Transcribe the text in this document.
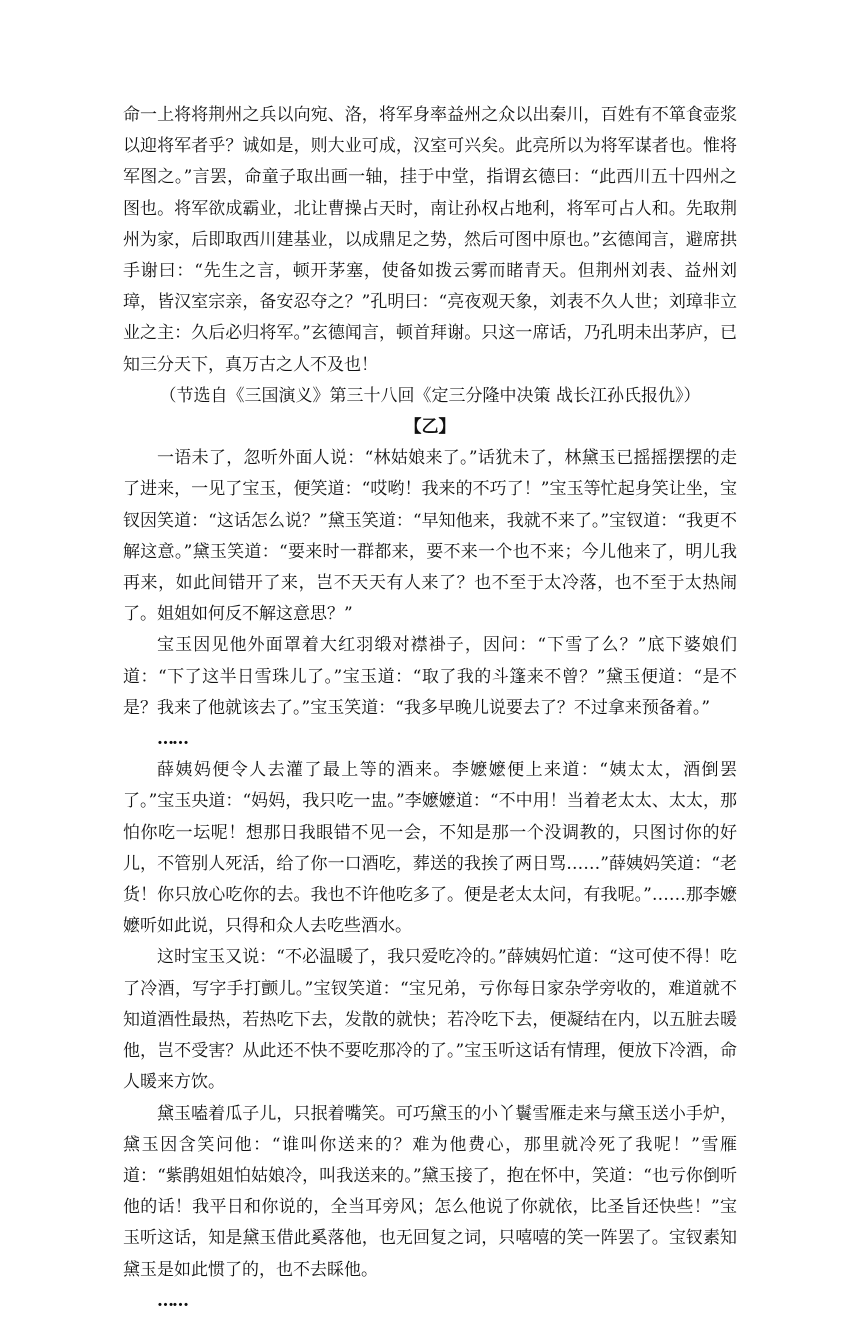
命一上将将荆州之兵以向宛、洛，将军身率益州之众以出秦川，百姓有不箪食壶浆以迎将军者乎？诚如是，则大业可成，汉室可兴矣。此亮所以为将军谋者也。惟将军图之。”言罢，命童子取出画一轴，挂于中堂，指谓玄德曰：“此西川五十四州之图也。将军欲成霸业，北让曹操占天时，南让孙权占地利，将军可占人和。先取荆州为家，后即取西川建基业，以成鼎足之势，然后可图中原也。”玄德闻言，避席拱手谢曰：“先生之言，顿开茅塞，使备如拨云雾而睹青天。但荆州刘表、益州刘璋，皆汉室宗亲，备安忍夺之？”孔明曰：“亮夜观天象，刘表不久人世；刘璋非立业之主：久后必归将军。”玄德闻言，顿首拜谢。只这一席话，乃孔明未出茅庐，已知三分天下，真万古之人不及也！

（节选自《三国演义》第三十八回《定三分隆中决策 战长江孙氏报仇》）

【乙】

一语未了，忽听外面人说：“林姑娘来了。”话犹未了，林黛玉已摇摇摆摆的走了进来，一见了宝玉，便笑道：“哎哟！我来的不巧了！”宝玉等忙起身笑让坐，宝钗因笑道：“这话怎么说？”黛玉笑道：“早知他来，我就不来了。”宝钗道：“我更不解这意。”黛玉笑道：“要来时一群都来，要不来一个也不来；今儿他来了，明儿我再来，如此间错开了来，岂不天天有人来了？也不至于太冷落，也不至于太热闹了。姐姐如何反不解这意思？”

宝玉因见他外面罩着大红羽缎对襟褂子，因问：“下雪了么？”底下婆娘们道：“下了这半日雪珠儿了。”宝玉道：“取了我的斗篷来不曾？”黛玉便道：“是不是？我来了他就该去了。”宝玉笑道：“我多早晚儿说要去了？不过拿来预备着。”

……

薛姨妈便令人去灌了最上等的酒来。李嬷嬷便上来道：“姨太太，酒倒罢了。”宝玉央道：“妈妈，我只吃一盅。”李嬷嬷道：“不中用！当着老太太、太太，那怕你吃一坛呢！想那日我眼错不见一会，不知是那一个没调教的，只图讨你的好儿，不管别人死活，给了你一口酒吃，葬送的我挨了两日骂……”薛姨妈笑道：“老货！你只放心吃你的去。我也不许他吃多了。便是老太太问，有我呢。”……那李嬷嬷听如此说，只得和众人去吃些酒水。

这时宝玉又说：“不必温暖了，我只爱吃冷的。”薛姨妈忙道：“这可使不得！吃了冷酒，写字手打颤儿。”宝钗笑道：“宝兄弟，亏你每日家杂学旁收的，难道就不知道酒性最热，若热吃下去，发散的就快；若冷吃下去，便凝结在内，以五脏去暖他，岂不受害？从此还不快不要吃那冷的了。”宝玉听这话有情理，便放下冷酒，命人暖来方饮。

黛玉嗑着瓜子儿，只抿着嘴笑。可巧黛玉的小丫鬟雪雁走来与黛玉送小手炉，黛玉因含笑问他：“谁叫你送来的？难为他费心，那里就冷死了我呢！”雪雁道：“紫鹃姐姐怕姑娘冷，叫我送来的。”黛玉接了，抱在怀中，笑道：“也亏你倒听他的话！我平日和你说的，全当耳旁风；怎么他说了你就依，比圣旨还快些！”宝玉听这话，知是黛玉借此奚落他，也无回复之词，只嘻嘻的笑一阵罢了。宝钗素知黛玉是如此惯了的，也不去睬他。

……
